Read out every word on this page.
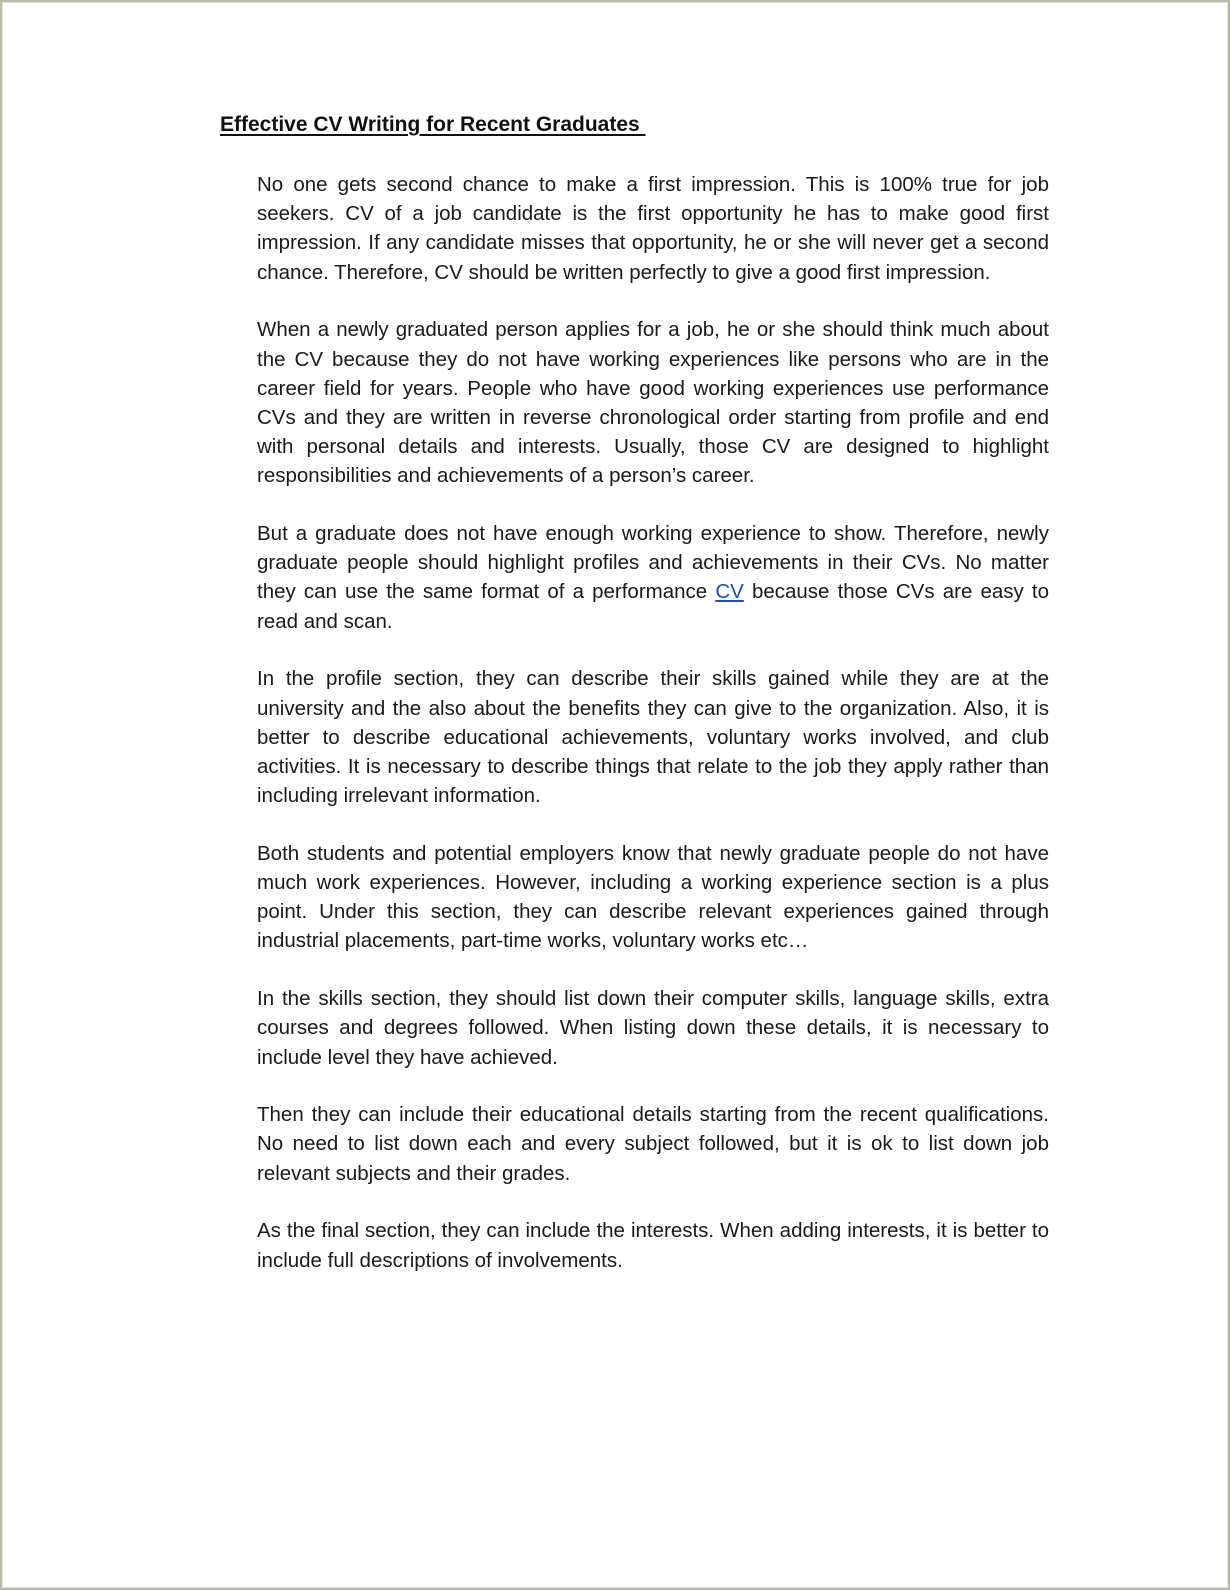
Effective CV Writing for Recent Graduates

No one gets second chance to make a first impression. This is 100% true for job seekers. CV of a job candidate is the first opportunity he has to make good first impression. If any candidate misses that opportunity, he or she will never get a second chance. Therefore, CV should be written perfectly to give a good first impression.

When a newly graduated person applies for a job, he or she should think much about the CV because they do not have working experiences like persons who are in the career field for years. People who have good working experiences use performance CVs and they are written in reverse chronological order starting from profile and end with personal details and interests. Usually, those CV are designed to highlight responsibilities and achievements of a person’s career.

But a graduate does not have enough working experience to show. Therefore, newly graduate people should highlight profiles and achievements in their CVs. No matter they can use the same format of a performance CV because those CVs are easy to read and scan.

In the profile section, they can describe their skills gained while they are at the university and the also about the benefits they can give to the organization. Also, it is better to describe educational achievements, voluntary works involved, and club activities. It is necessary to describe things that relate to the job they apply rather than including irrelevant information.

Both students and potential employers know that newly graduate people do not have much work experiences. However, including a working experience section is a plus point. Under this section, they can describe relevant experiences gained through industrial placements, part-time works, voluntary works etc…

In the skills section, they should list down their computer skills, language skills, extra courses and degrees followed. When listing down these details, it is necessary to include level they have achieved.

Then they can include their educational details starting from the recent qualifications. No need to list down each and every subject followed, but it is ok to list down job relevant subjects and their grades.

As the final section, they can include the interests. When adding interests, it is better to include full descriptions of involvements.
